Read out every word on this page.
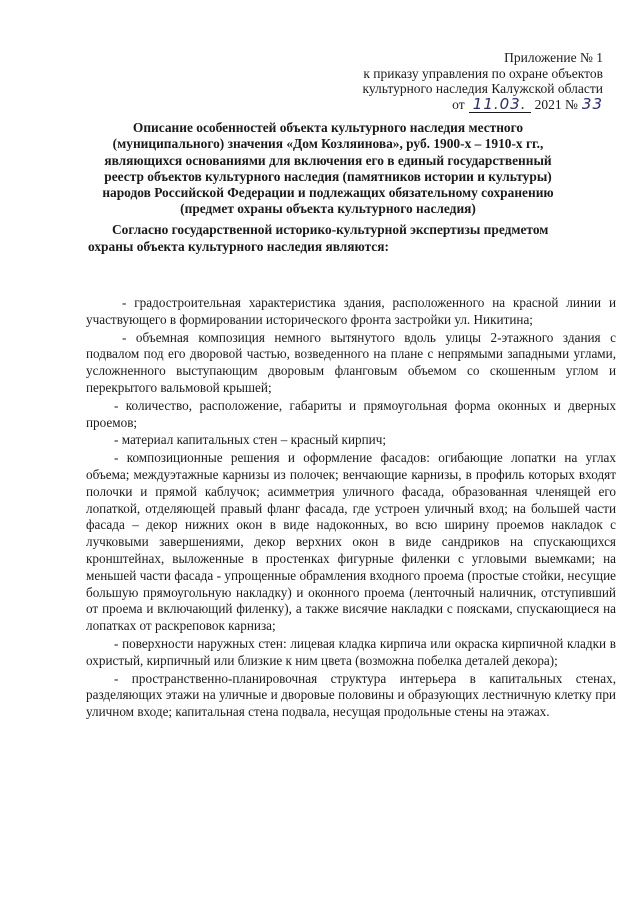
Приложение № 1
к приказу управления по охране объектов
культурного наследия Калужской области
от 11.03. 2021 № 33
Описание особенностей объекта культурного наследия местного
(муниципального) значения «Дом Козляинова», руб. 1900-х – 1910-х гг.,
являющихся основаниями для включения его в единый государственный
реестр объектов культурного наследия (памятников истории и культуры)
народов Российской Федерации и подлежащих обязательному сохранению
(предмет охраны объекта культурного наследия)
Согласно государственной историко-культурной экспертизы предметом
охраны объекта культурного наследия являются:

- градостроительная характеристика здания, расположенного на красной линии и участвующего в формировании исторического фронта застройки ул. Никитина;

- объемная композиция немного вытянутого вдоль улицы 2-этажного здания с подвалом под его дворовой частью, возведенного на плане с непрямыми западными углами, усложненного выступающим дворовым фланговым объемом со скошенным углом и перекрытого вальмовой крышей;

- количество, расположение, габариты и прямоугольная форма оконных и дверных проемов;

- материал капитальных стен – красный кирпич;

- композиционные решения и оформление фасадов: огибающие лопатки на углах объема; междуэтажные карнизы из полочек; венчающие карнизы, в профиль которых входят полочки и прямой каблучок; асимметрия уличного фасада, образованная членящей его лопаткой, отделяющей правый фланг фасада, где устроен уличный вход; на большей части фасада – декор нижних окон в виде надоконных, во всю ширину проемов накладок с лучковыми завершениями, декор верхних окон в виде сандриков на спускающихся кронштейнах, выложенные в простенках фигурные филенки с угловыми выемками; на меньшей части фасада - упрощенные обрамления входного проема (простые стойки, несущие большую прямоугольную накладку) и оконного проема (ленточный наличник, отступивший от проема и включающий филенку), а также висячие накладки с поясками, спускающиеся на лопатках от раскреповок карниза;

- поверхности наружных стен: лицевая кладка кирпича или окраска кирпичной кладки в охристый, кирпичный или близкие к ним цвета (возможна побелка деталей декора);

- пространственно-планировочная структура интерьера в капитальных стенах, разделяющих этажи на уличные и дворовые половины и образующих лестничную клетку при уличном входе; капитальная стена подвала, несущая продольные стены на этажах.
